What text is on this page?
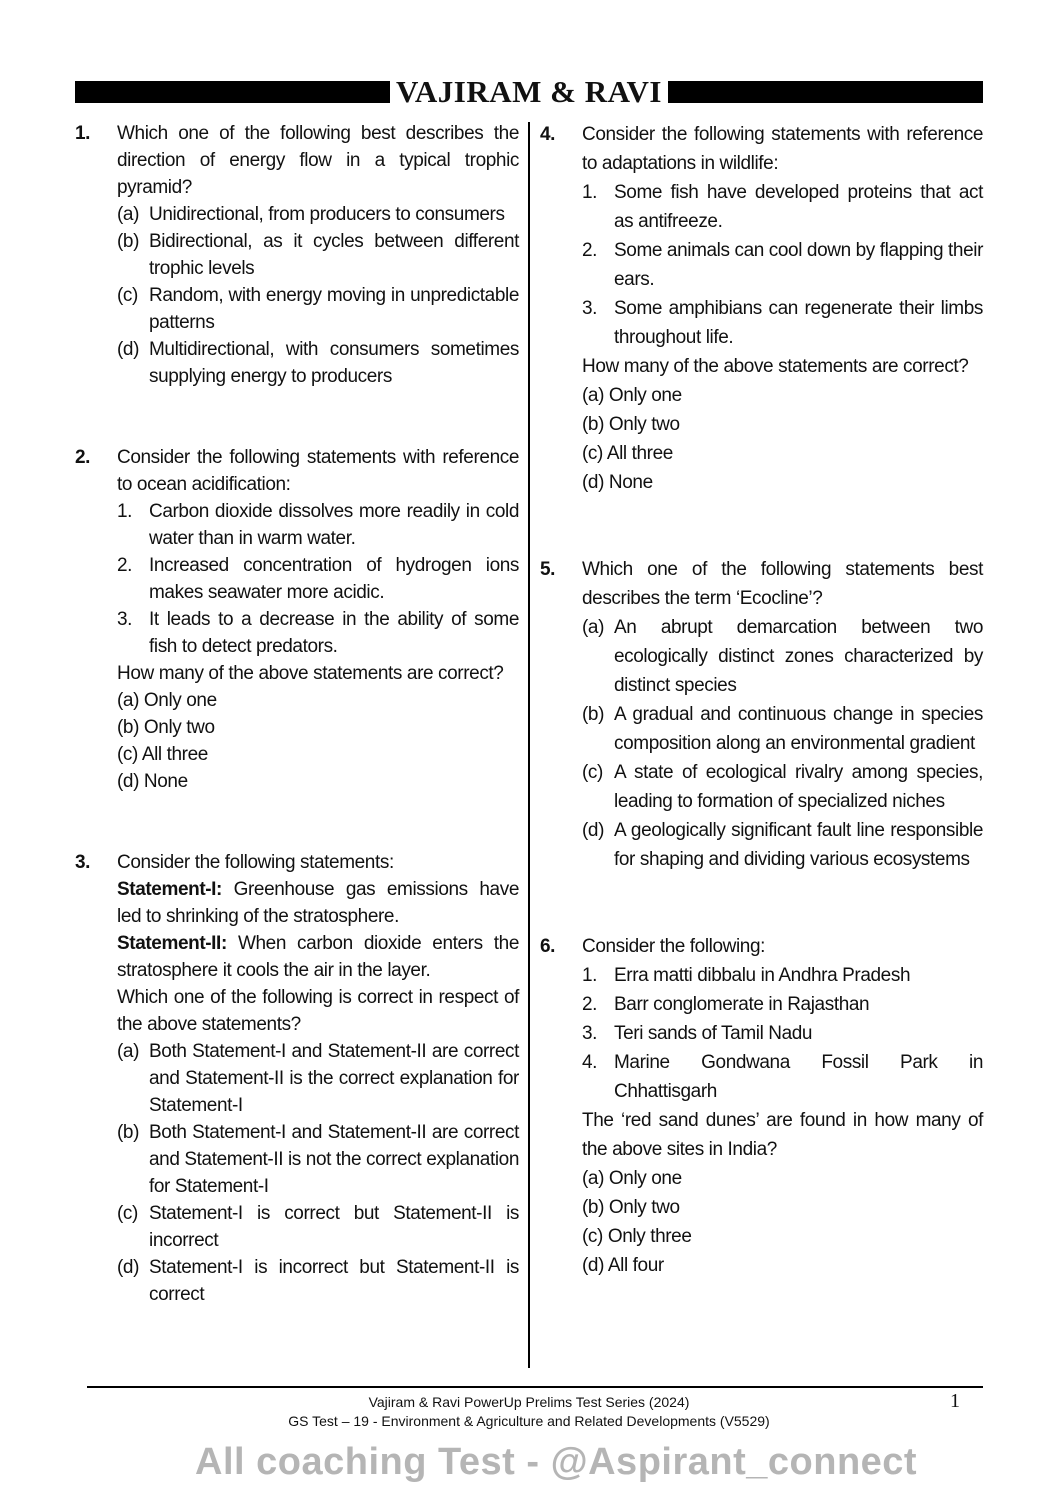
VAJIRAM & RAVI
1.	Which one of the following best describes the direction of energy flow in a typical trophic pyramid?
(a) Unidirectional, from producers to consumers
(b) Bidirectional, as it cycles between different trophic levels
(c) Random, with energy moving in unpredictable patterns
(d) Multidirectional, with consumers sometimes supplying energy to producers
2.	Consider the following statements with reference to ocean acidification:
1. Carbon dioxide dissolves more readily in cold water than in warm water.
2. Increased concentration of hydrogen ions makes seawater more acidic.
3. It leads to a decrease in the ability of some fish to detect predators.
How many of the above statements are correct?
(a) Only one
(b) Only two
(c) All three
(d) None
3.	Consider the following statements:
Statement-I: Greenhouse gas emissions have led to shrinking of the stratosphere.
Statement-II: When carbon dioxide enters the stratosphere it cools the air in the layer.
Which one of the following is correct in respect of the above statements?
(a) Both Statement-I and Statement-II are correct and Statement-II is the correct explanation for Statement-I
(b) Both Statement-I and Statement-II are correct and Statement-II is not the correct explanation for Statement-I
(c) Statement-I is correct but Statement-II is incorrect
(d) Statement-I is incorrect but Statement-II is correct
4.	Consider the following statements with reference to adaptations in wildlife:
1. Some fish have developed proteins that act as antifreeze.
2. Some animals can cool down by flapping their ears.
3. Some amphibians can regenerate their limbs throughout life.
How many of the above statements are correct?
(a) Only one
(b) Only two
(c) All three
(d) None
5.	Which one of the following statements best describes the term ‘Ecocline’?
(a) An abrupt demarcation between two ecologically distinct zones characterized by distinct species
(b) A gradual and continuous change in species composition along an environmental gradient
(c) A state of ecological rivalry among species, leading to formation of specialized niches
(d) A geologically significant fault line responsible for shaping and dividing various ecosystems
6.	Consider the following:
1. Erra matti dibbalu in Andhra Pradesh
2. Barr conglomerate in Rajasthan
3. Teri sands of Tamil Nadu
4. Marine Gondwana Fossil Park in Chhattisgarh
The ‘red sand dunes’ are found in how many of the above sites in India?
(a) Only one
(b) Only two
(c) Only three
(d) All four
Vajiram & Ravi PowerUp Prelims Test Series (2024)
GS Test – 19 - Environment & Agriculture and Related Developments (V5529)
1
All coaching Test - @Aspirant_connect
